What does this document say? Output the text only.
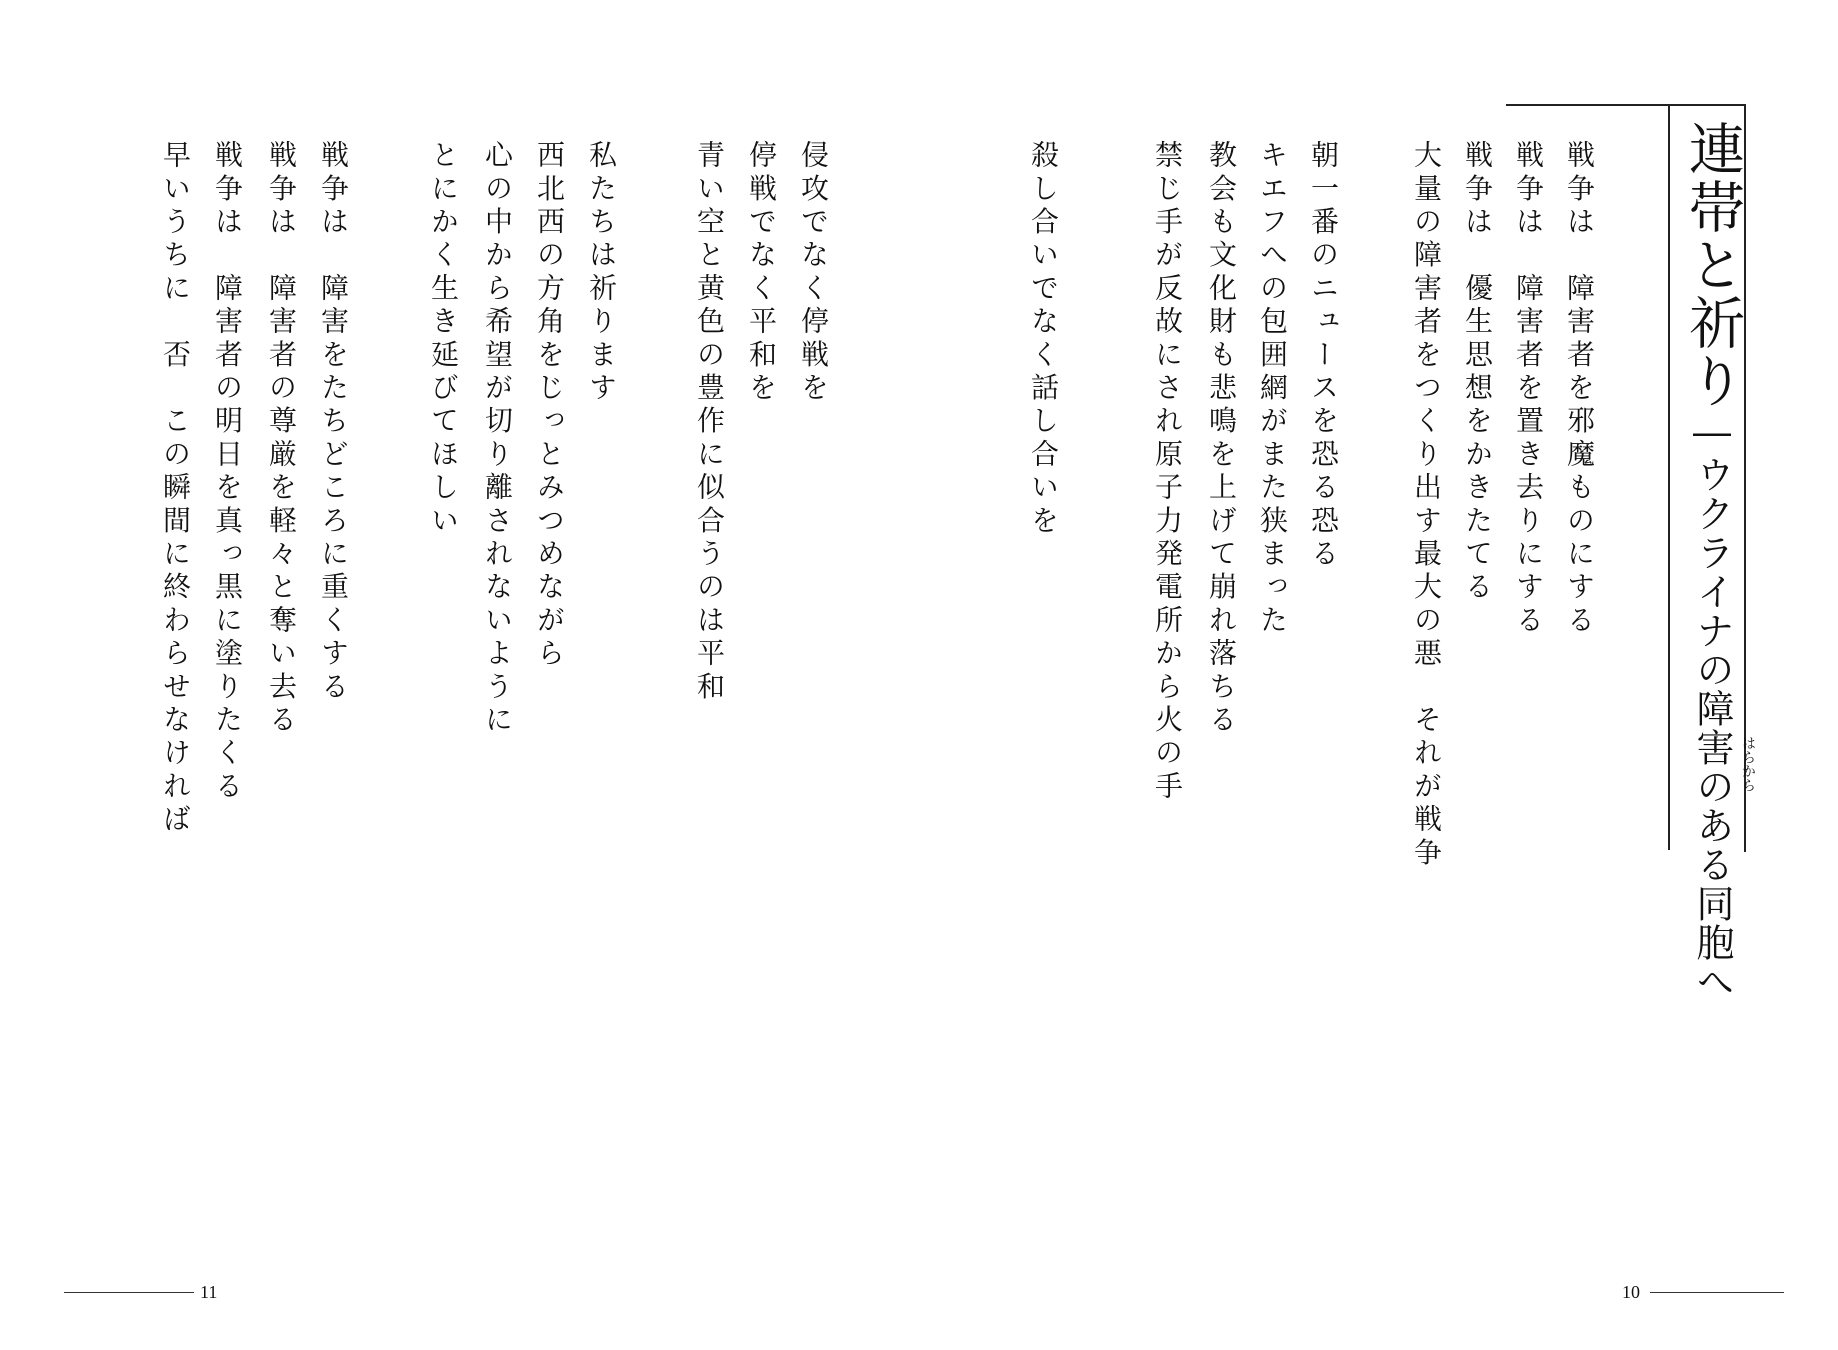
連帯と祈り―ウクライナの障害のある同胞へ はらから
戦争は　障害者を邪魔ものにする
戦争は　障害者を置き去りにする
戦争は　優生思想をかきたてる
大量の障害者をつくり出す最大の悪　それが戦争
朝一番のニュースを恐る恐る
キエフへの包囲網がまた狭まった
教会も文化財も悲鳴を上げて崩れ落ちる
禁じ手が反故にされ原子力発電所から火の手
殺し合いでなく話し合いを
侵攻でなく停戦を
停戦でなく平和を
青い空と黄色の豊作に似合うのは平和
私たちは祈ります
西北西の方角をじっとみつめながら
心の中から希望が切り離されないように
とにかく生き延びてほしい
戦争は　障害をたちどころに重くする
戦争は　障害者の尊厳を軽々と奪い去る
戦争は　障害者の明日を真っ黒に塗りたくる
早いうちに　否　この瞬間に終わらせなければ
11	10
